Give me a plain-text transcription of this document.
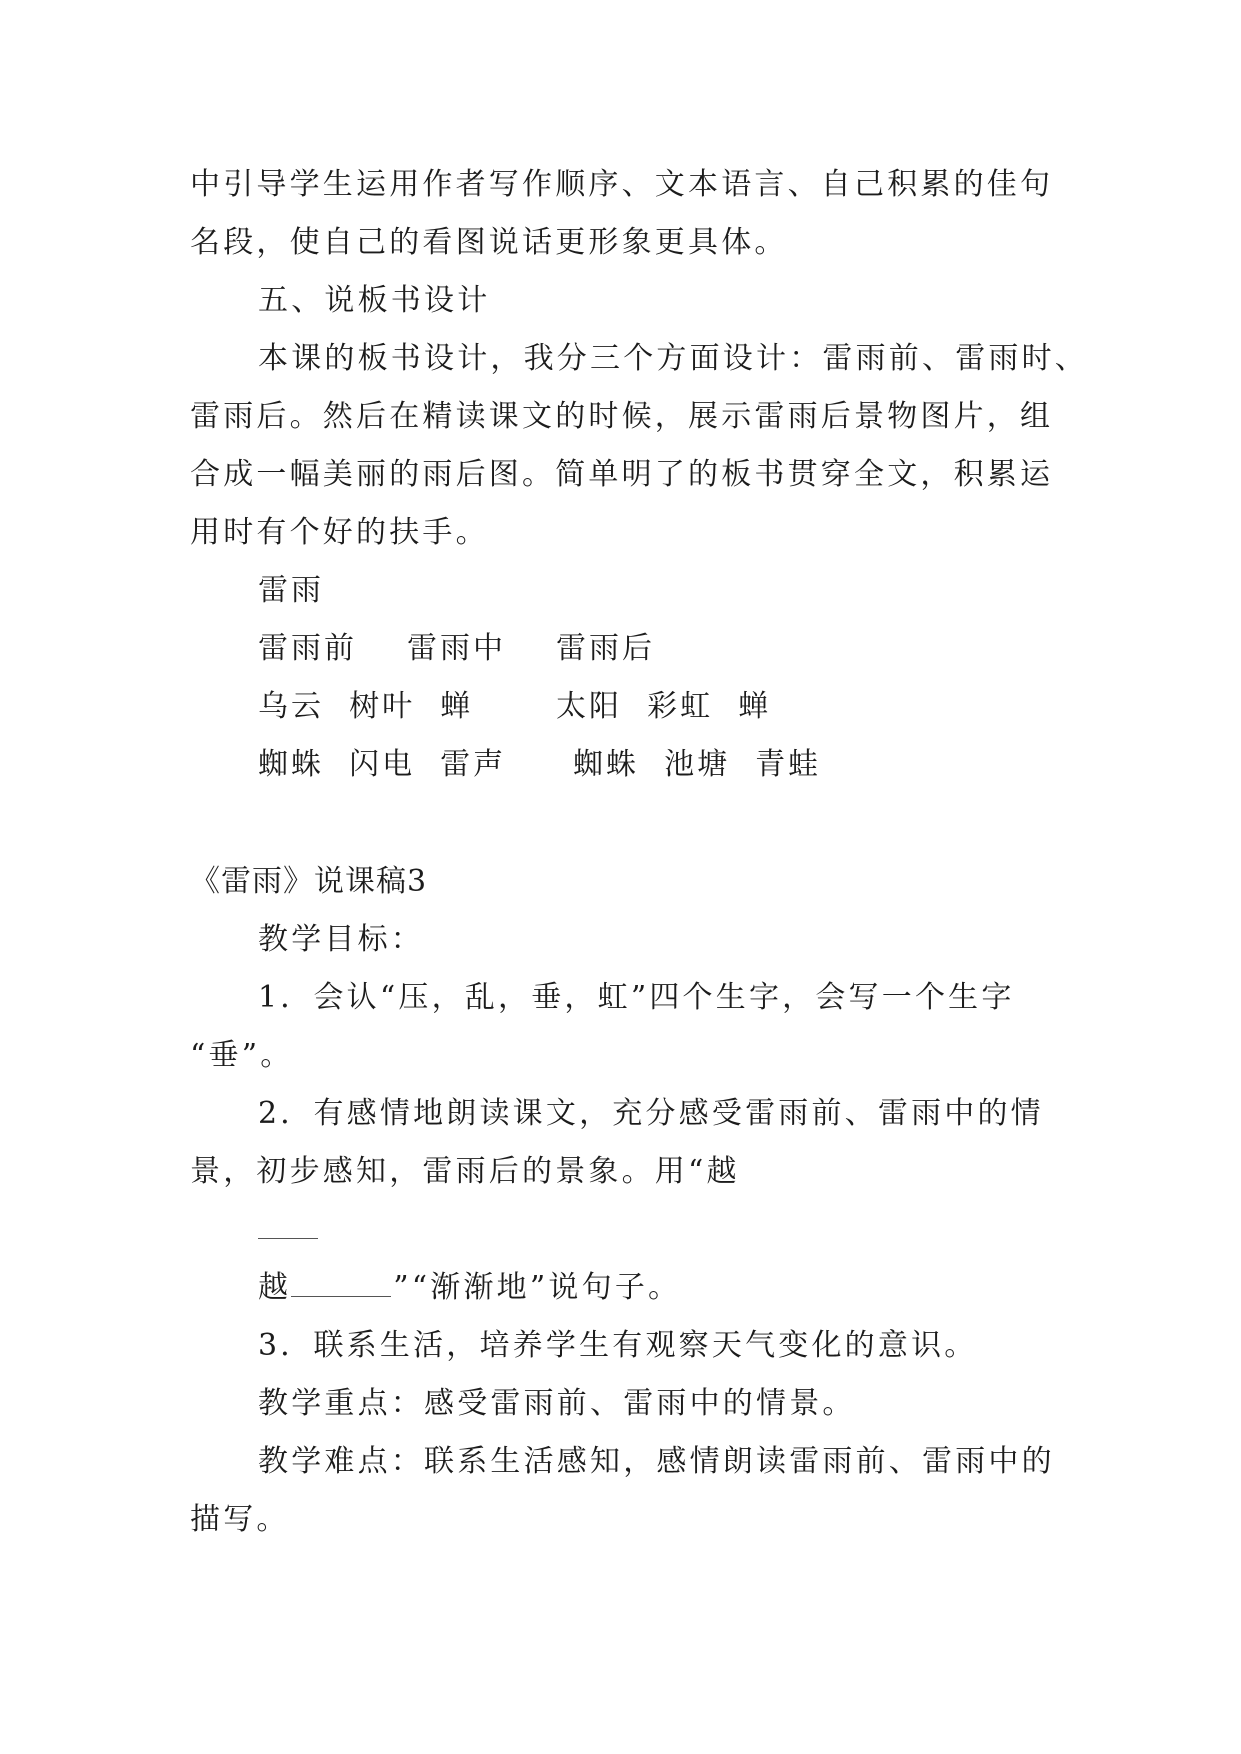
中引导学生运用作者写作顺序、文本语言、自己积累的佳句
名段，使自己的看图说话更形象更具体。
五、说板书设计
本课的板书设计，我分三个方面设计：雷雨前、雷雨时、
雷雨后。然后在精读课文的时候，展示雷雨后景物图片，组
合成一幅美丽的雨后图。简单明了的板书贯穿全文，积累运
用时有个好的扶手。
雷雨
雷雨前 雷雨中 雷雨后
乌云  树叶  蝉	太阳  彩虹  蝉
蜘蛛  闪电  雷声 蜘蛛  池塘  青蛙
《雷雨》说课稿3
教学目标：
1．会认“压，乱，垂，虹”四个生字，会写一个生字
“垂”。
2．有感情地朗读课文，充分感受雷雨前、雷雨中的情
景，初步感知，雷雨后的景象。用“越
越	”“渐渐地”说句子。
3．联系生活，培养学生有观察天气变化的意识。
教学重点：感受雷雨前、雷雨中的情景。
教学难点：联系生活感知，感情朗读雷雨前、雷雨中的
描写。
